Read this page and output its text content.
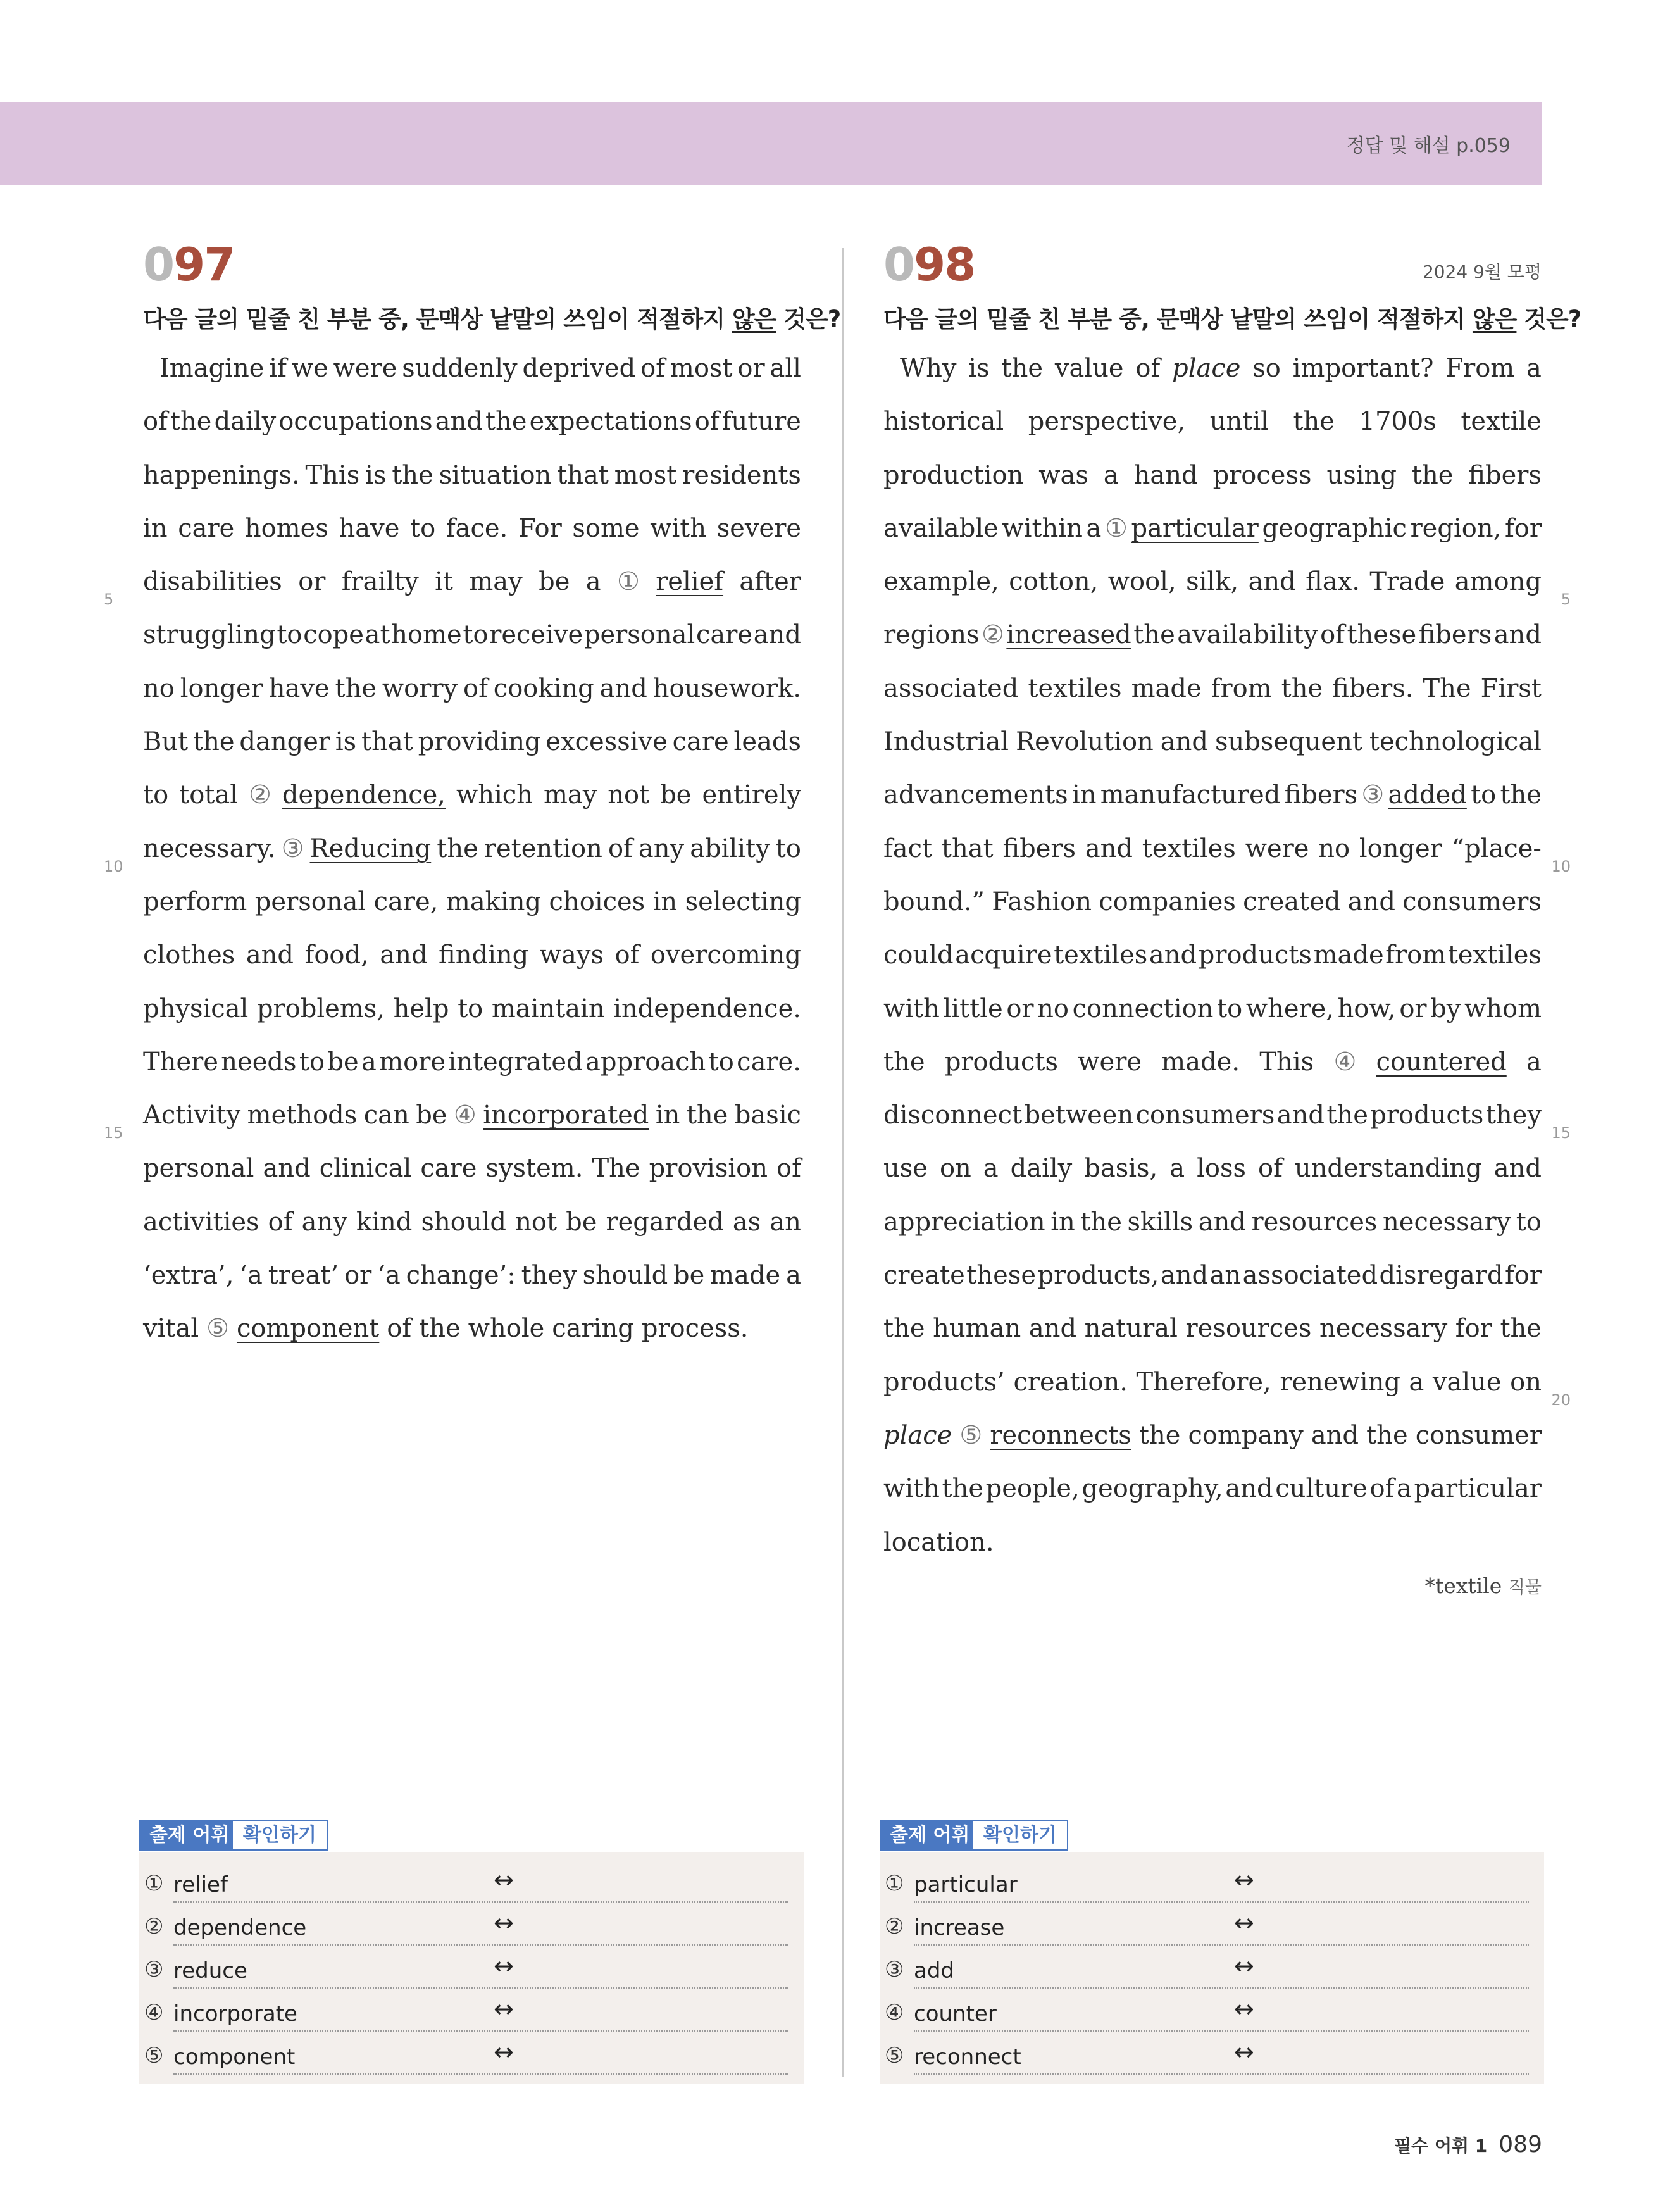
정답 및 해설 p.059
097
다음 글의 밑줄 친 부분 중, 문맥상 낱말의 쓰임이 적절하지 않은 것은?
Imagine if we were suddenly deprived of most or all
of the daily occupations and the expectations of future
happenings. This is the situation that most residents
in care homes have to face. For some with severe
disabilities or frailty it may be a ① relief after
5
struggling to cope at home to receive personal care and
no longer have the worry of cooking and housework.
But the danger is that providing excessive care leads
to total ② dependence, which may not be entirely
necessary. ③ Reducing the retention of any ability to
10
perform personal care, making choices in selecting
clothes and food, and finding ways of overcoming
physical problems, help to maintain independence.
There needs to be a more integrated approach to care.
Activity methods can be ④ incorporated in the basic
15
personal and clinical care system. The provision of
activities of any kind should not be regarded as an
‘extra’, ‘a treat’ or ‘a change’: they should be made a
vital ⑤ component of the whole caring process.
098	2024 9월 모평
다음 글의 밑줄 친 부분 중, 문맥상 낱말의 쓰임이 적절하지 않은 것은?
Why is the value of place so important? From a
historical perspective, until the 1700s textile
production was a hand process using the fibers
available within a ① particular geographic region, for
example, cotton, wool, silk, and flax. Trade among
5
regions ② increased the availability of these fibers and
associated textiles made from the fibers. The First
Industrial Revolution and subsequent technological
advancements in manufactured fibers ③ added to the
fact that fibers and textiles were no longer “place-
10
bound.” Fashion companies created and consumers
could acquire textiles and products made from textiles
with little or no connection to where, how, or by whom
the products were made. This ④ countered a
disconnect between consumers and the products they
15
use on a daily basis, a loss of understanding and
appreciation in the skills and resources necessary to
create these products, and an associated disregard for
the human and natural resources necessary for the
products’ creation. Therefore, renewing a value on
20
place ⑤ reconnects the company and the consumer
with the people, geography, and culture of a particular
location.
*textile 직물
출제 어휘 확인하기
① relief	↔
② dependence	↔
③ reduce	↔
④ incorporate	↔
⑤ component	↔
출제 어휘 확인하기
① particular	↔
② increase	↔
③ add	↔
④ counter	↔
⑤ reconnect	↔
필수 어휘 1 089
